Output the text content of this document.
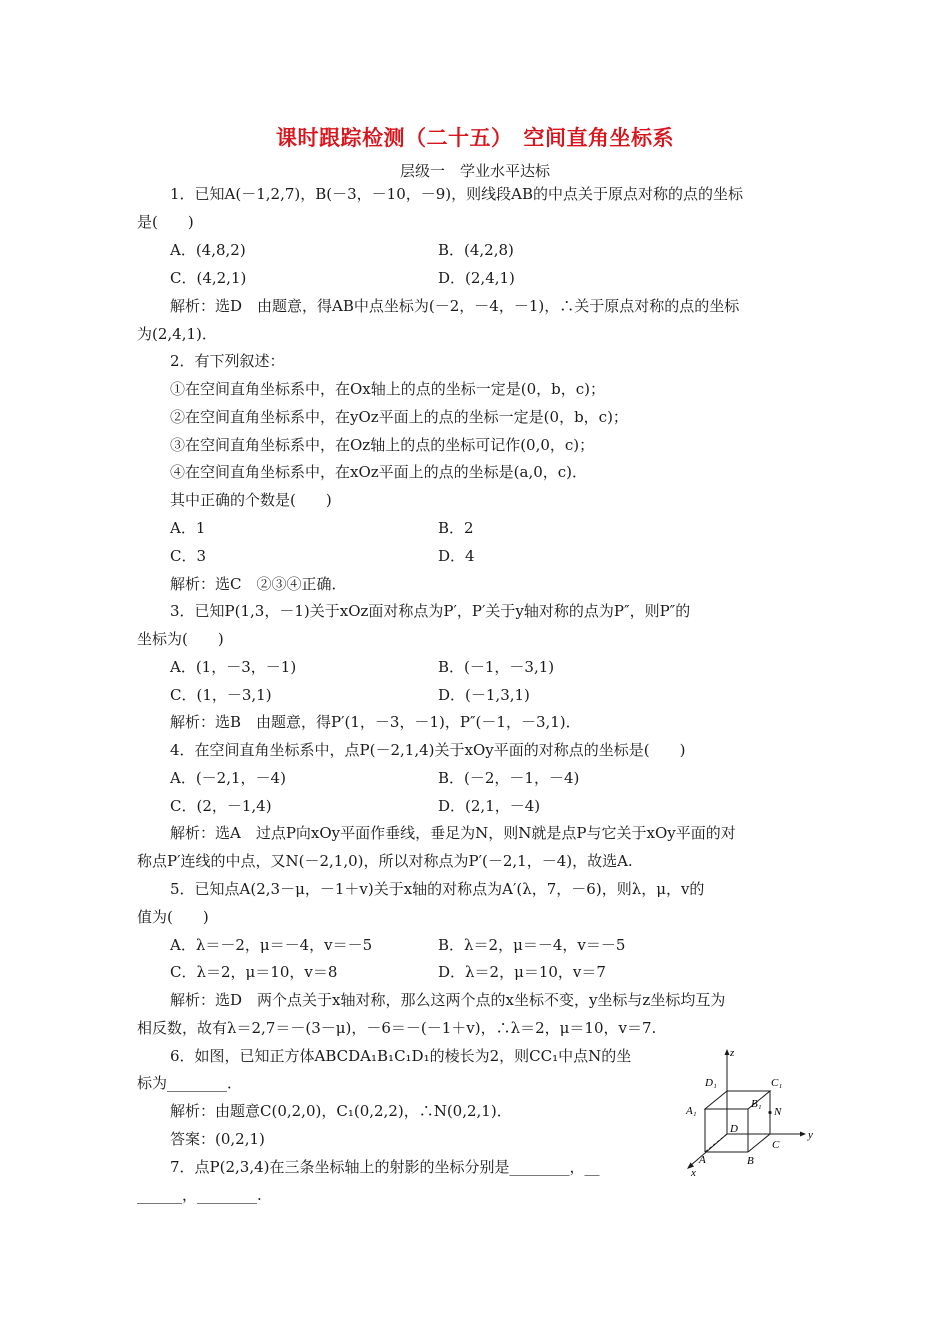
课时跟踪检测（二十五）　空间直角坐标系
层级一　学业水平达标
1．已知A(－1,2,7)，B(－3，－10，－9)，则线段AB的中点关于原点对称的点的坐标
是(　　)
A．(4,8,2)	B．(4,2,8)
C．(4,2,1)	D．(2,4,1)
解析：选D　由题意，得AB中点坐标为(－2，－4，－1)，∴关于原点对称的点的坐标
为(2,4,1)．
2．有下列叙述：
①在空间直角坐标系中，在Ox轴上的点的坐标一定是(0，b，c)；
②在空间直角坐标系中，在yOz平面上的点的坐标一定是(0，b，c)；
③在空间直角坐标系中，在Oz轴上的点的坐标可记作(0,0，c)；
④在空间直角坐标系中，在xOz平面上的点的坐标是(a,0，c)．
其中正确的个数是(　　)
A．1	B．2
C．3	D．4
解析：选C　②③④正确．
3．已知P(1,3，－1)关于xOz面对称点为P′，P′关于y轴对称的点为P″，则P″的
坐标为(　　)
A．(1，－3，－1)	B．(－1，－3,1)
C．(1，－3,1)	D．(－1,3,1)
解析：选B　由题意，得P′(1，－3，－1)，P″(－1，－3,1)．
4．在空间直角坐标系中，点P(－2,1,4)关于xOy平面的对称点的坐标是(　　)
A．(－2,1，－4)	B．(－2，－1，－4)
C．(2，－1,4)	D．(2,1，－4)
解析：选A　过点P向xOy平面作垂线，垂足为N，则N就是点P与它关于xOy平面的对
称点P′连线的中点，又N(－2,1,0)，所以对称点为P′(－2,1，－4)，故选A.
5．已知点A(2,3－μ，－1＋v)关于x轴的对称点为A′(λ，7，－6)，则λ，μ，v的
值为(　　)
A．λ＝－2，μ＝－4，v＝－5	B．λ＝2，μ＝－4，v＝－5
C．λ＝2，μ＝10，v＝8	D．λ＝2，μ＝10，v＝7
解析：选D　两个点关于x轴对称，那么这两个点的x坐标不变，y坐标与z坐标均互为
相反数，故有λ＝2,7＝－(3－μ)，－6＝－(－1＋v)，∴λ＝2，μ＝10，v＝7.
6．如图，已知正方体ABCDA₁B₁C₁D₁的棱长为2，则CC₁中点N的坐
标为________．
解析：由题意C(0,2,0)，C₁(0,2,2)，∴N(0,2,1)．
答案：(0,2,1)
7．点P(2,3,4)在三条坐标轴上的射影的坐标分别是________，__
______，________.
z
y
x
D₁	C₁
A₁
B₁
N
D
C
A	B
